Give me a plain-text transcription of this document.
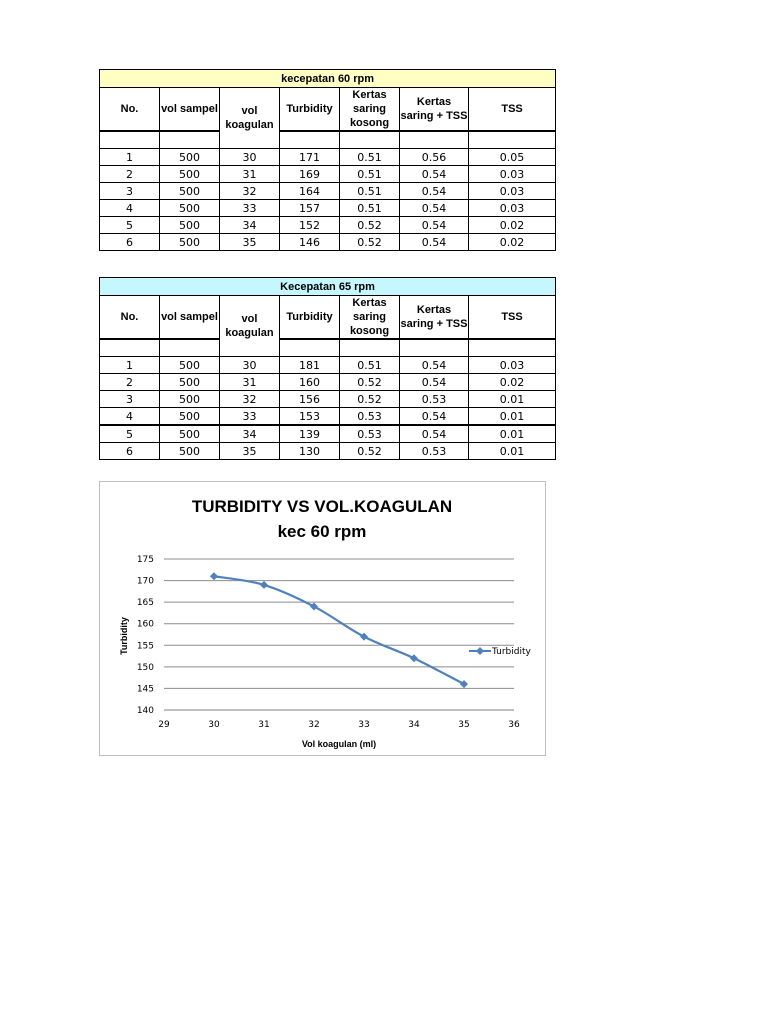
kecepatan 60 rpm						
No.	vol sampel	vol koagulan	Turbidity	Kertas saring kosong	Kertas saring + TSS	TSS

1	500	30	171	0.51	0.56	0.05
2	500	31	169	0.51	0.54	0.03
3	500	32	164	0.51	0.54	0.03
4	500	33	157	0.51	0.54	0.03
5	500	34	152	0.52	0.54	0.02
6	500	35	146	0.52	0.54	0.02
Kecepatan 65 rpm						
No.	vol sampel	vol koagulan	Turbidity	Kertas saring kosong	Kertas saring + TSS	TSS

1	500	30	181	0.51	0.54	0.03
2	500	31	160	0.52	0.54	0.02
3	500	32	156	0.52	0.53	0.01
4	500	33	153	0.53	0.54	0.01
5	500	34	139	0.53	0.54	0.01
6	500	35	130	0.52	0.53	0.01
TURBIDITY VS VOL.KOAGULAN
kec 60 rpm
140
145
150
155
160
165
170
175
29	30	31	32	33	34	35	36
Turbidity
Vol koagulan (ml)
Turbidity
